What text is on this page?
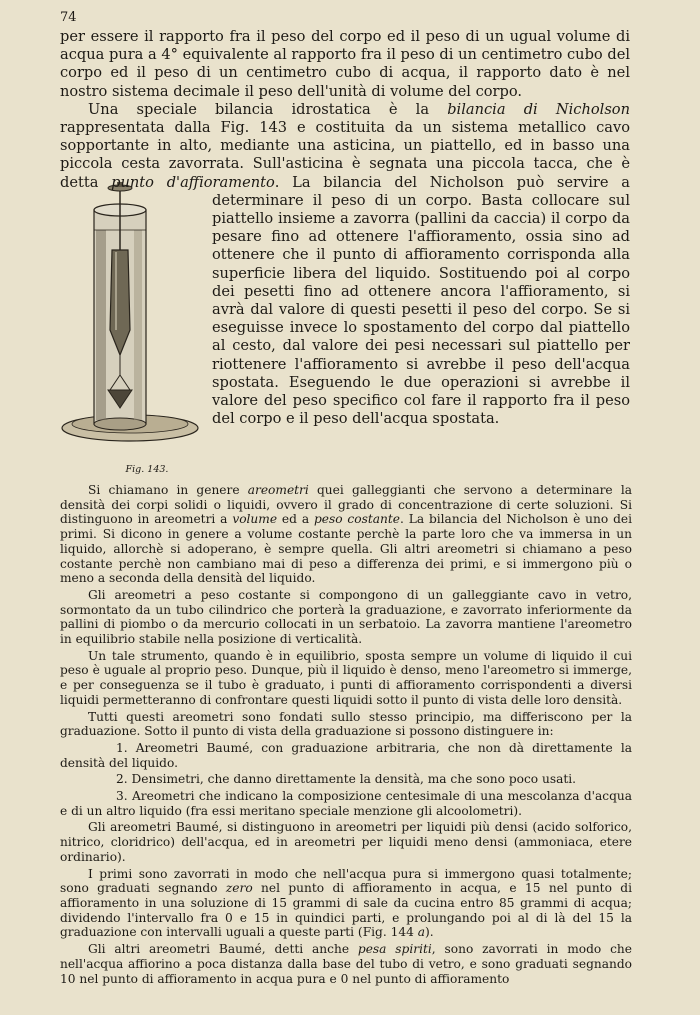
74

per essere il rapporto fra il peso del corpo ed il peso di un ugual volume di acqua pura a 4° equivalente al rapporto fra il peso di un centimetro cubo del corpo ed il peso di un centimetro cubo di acqua, il rapporto dato è nel nostro sistema decimale il peso dell'unità di volume del corpo.

Una speciale bilancia idrostatica è la bilancia di Nicholson rappresentata dalla Fig. 143 e costituita da un sistema metallico cavo sopportante in alto, mediante una asticina, un piattello, ed in basso una piccola cesta zavorrata. Sull'asticina è segnata una piccola tacca, che è detta
Fig. 143.
punto d'affioramento. La bilancia del Nicholson può servire a determinare il peso di un corpo. Basta collocare sul piattello insieme a zavorra (pallini da caccia) il corpo da pesare fino ad ottenere l'affioramento, ossia sino ad ottenere che il punto di affioramento corrisponda alla superficie libera del liquido. Sostituendo poi al corpo dei pesetti fino ad ottenere ancora l'affioramento, si avrà dal valore di questi pesetti il peso del corpo. Se si eseguisse invece lo spostamento del corpo dal piattello al cesto, dal valore dei pesi necessari sul piattello per riottenere l'affioramento si avrebbe il peso dell'acqua spostata. Eseguendo le due operazioni si avrebbe il valore del peso specifico col fare il rapporto fra il peso del corpo e il peso dell'acqua spostata.

Si chiamano in genere areometri quei galleggianti che servono a determinare la densità dei corpi solidi o liquidi, ovvero il grado di concentrazione di certe soluzioni. Si distinguono in areometri a volume ed a peso costante. La bilancia del Nicholson è uno dei primi. Si dicono in genere a volume costante perchè la parte loro che va immersa in un liquido, allorchè si adoperano, è sempre quella. Gli altri areometri si chiamano a peso costante perchè non cambiano mai di peso a differenza dei primi, e si immergono più o meno a seconda della densità del liquido.

Gli areometri a peso costante si compongono di un galleggiante cavo in vetro, sormontato da un tubo cilindrico che porterà la graduazione, e zavorrato inferiormente da pallini di piombo o da mercurio collocati in un serbatoio. La zavorra mantiene l'areometro in equilibrio stabile nella posizione di verticalità.

Un tale strumento, quando è in equilibrio, sposta sempre un volume di liquido il cui peso è uguale al proprio peso. Dunque, più il liquido è denso, meno l'areometro si immerge, e per conseguenza se il tubo è graduato, i punti di affioramento corrispondenti a diversi liquidi permetteranno di confrontare questi liquidi sotto il punto di vista delle loro densità.

Tutti questi areometri sono fondati sullo stesso principio, ma differiscono per la graduazione. Sotto il punto di vista della graduazione si possono distinguere in:

1. Areometri Baumé, con graduazione arbitraria, che non dà direttamente la densità del liquido.

2. Densimetri, che danno direttamente la densità, ma che sono poco usati.

3. Areometri che indicano la composizione centesimale di una mescolanza d'acqua e di un altro liquido (fra essi meritano speciale menzione gli alcoolometri).

Gli areometri Baumé, si distinguono in areometri per liquidi più densi (acido solforico, nitrico, cloridrico) dell'acqua, ed in areometri per liquidi meno densi (ammoniaca, etere ordinario).

I primi sono zavorrati in modo che nell'acqua pura si immergono quasi totalmente; sono graduati segnando zero nel punto di affioramento in acqua, e 15 nel punto di affioramento in una soluzione di 15 grammi di sale da cucina entro 85 grammi di acqua; dividendo l'intervallo fra 0 e 15 in quindici parti, e prolungando poi al di là del 15 la graduazione con intervalli uguali a queste parti (Fig. 144 a).

Gli altri areometri Baumé, detti anche pesa spiriti, sono zavorrati in modo che nell'acqua affiorino a poca distanza dalla base del tubo di vetro, e sono graduati segnando 10 nel punto di affioramento in acqua pura e 0 nel punto di affioramento
